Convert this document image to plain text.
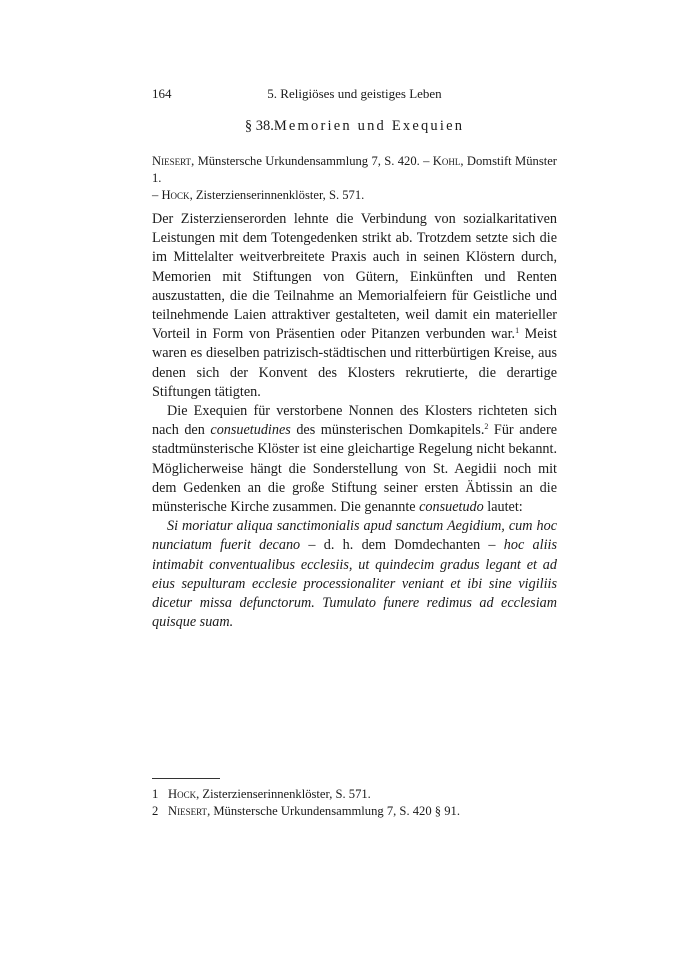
164	5. Religiöses und geistiges Leben
§ 38.Memorien und Exequien
Niesert, Münstersche Urkundensammlung 7, S. 420. – Kohl, Domstift Münster 1.
– Hock, Zisterzienserinnenklöster, S. 571.

Der Zisterzienserorden lehnte die Verbindung von sozialkaritativen Leistungen mit dem Totengedenken strikt ab. Trotzdem setzte sich die im Mittelalter weitverbreitete Praxis auch in seinen Klöstern durch, Memorien mit Stiftungen von Gütern, Einkünften und Renten auszustatten, die die Teilnahme an Memorialfeiern für Geistliche und teilnehmende Laien attraktiver gestalteten, weil damit ein materieller Vorteil in Form von Präsentien oder Pitanzen verbunden war.$^1$ Meist waren es dieselben patrizisch-städtischen und ritterbürtigen Kreise, aus denen sich der Konvent des Klosters rekrutierte, die derartige Stiftungen tätigten.

Die Exequien für verstorbene Nonnen des Klosters richteten sich nach den consuetudines des münsterischen Domkapitels.$^2$ Für andere stadtmünsterische Klöster ist eine gleichartige Regelung nicht bekannt. Möglicherweise hängt die Sonderstellung von St. Aegidii noch mit dem Gedenken an die große Stiftung seiner ersten Äbtissin an die münsterische Kirche zusammen. Die genannte consuetudo lautet:

Si moriatur aliqua sanctimonialis apud sanctum Aegidium, cum hoc nunciatum fuerit decano – d. h. dem Domdechanten – hoc aliis intimabit conventualibus ecclesiis, ut quindecim gradus legant et ad eius sepulturam ecclesie processionaliter veniant et ibi sine vigiliis dicetur missa defunctorum. Tumulato funere redimus ad ecclesiam quisque suam.

1 Hock, Zisterzienserinnenklöster, S. 571.
2 Niesert, Münstersche Urkundensammlung 7, S. 420 § 91.
